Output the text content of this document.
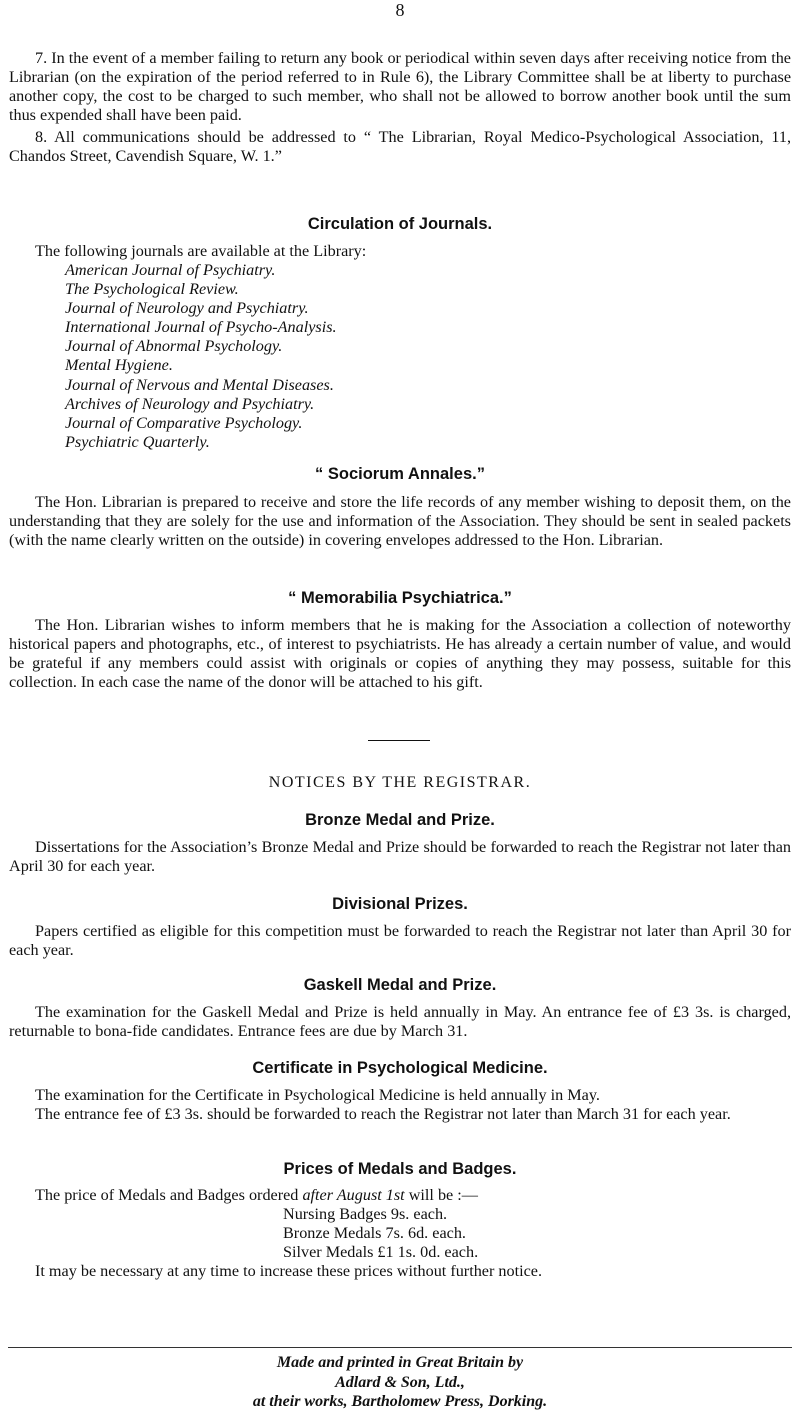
8

7. In the event of a member failing to return any book or periodical within seven days after receiving notice from the Librarian (on the expiration of the period referred to in Rule 6), the Library Committee shall be at liberty to purchase another copy, the cost to be charged to such member, who shall not be allowed to borrow another book until the sum thus expended shall have been paid.

8. All communications should be addressed to “ The Librarian, Royal Medico-Psychological Association, 11, Chandos Street, Cavendish Square, W. 1.”

Circulation of Journals.

The following journals are available at the Library:

American Journal of Psychiatry.
The Psychological Review.
Journal of Neurology and Psychiatry.
International Journal of Psycho-Analysis.
Journal of Abnormal Psychology.
Mental Hygiene.
Journal of Nervous and Mental Diseases.
Archives of Neurology and Psychiatry.
Journal of Comparative Psychology.
Psychiatric Quarterly.
“ Sociorum Annales.”

The Hon. Librarian is prepared to receive and store the life records of any member wishing to deposit them, on the understanding that they are solely for the use and information of the Association. They should be sent in sealed packets (with the name clearly written on the outside) in covering envelopes addressed to the Hon. Librarian.

“ Memorabilia Psychiatrica.”

The Hon. Librarian wishes to inform members that he is making for the Association a collection of noteworthy historical papers and photographs, etc., of interest to psychiatrists. He has already a certain number of value, and would be grateful if any members could assist with originals or copies of anything they may possess, suitable for this collection. In each case the name of the donor will be attached to his gift.

NOTICES BY THE REGISTRAR.
Bronze Medal and Prize.

Dissertations for the Association’s Bronze Medal and Prize should be forwarded to reach the Registrar not later than April 30 for each year.

Divisional Prizes.

Papers certified as eligible for this competition must be forwarded to reach the Registrar not later than April 30 for each year.

Gaskell Medal and Prize.

The examination for the Gaskell Medal and Prize is held annually in May. An entrance fee of £3 3s. is charged, returnable to bona-fide candidates. Entrance fees are due by March 31.

Certificate in Psychological Medicine.

The examination for the Certificate in Psychological Medicine is held annually in May.

The entrance fee of £3 3s. should be forwarded to reach the Registrar not later than March 31 for each year.

Prices of Medals and Badges.

The price of Medals and Badges ordered after August 1st will be :—

Nursing Badges 9s. each.
Bronze Medals 7s. 6d. each.
Silver Medals £1 1s. 0d. each.

It may be necessary at any time to increase these prices without further notice.

Made and printed in Great Britain by
Adlard & Son, Ltd.,
at their works, Bartholomew Press, Dorking.
